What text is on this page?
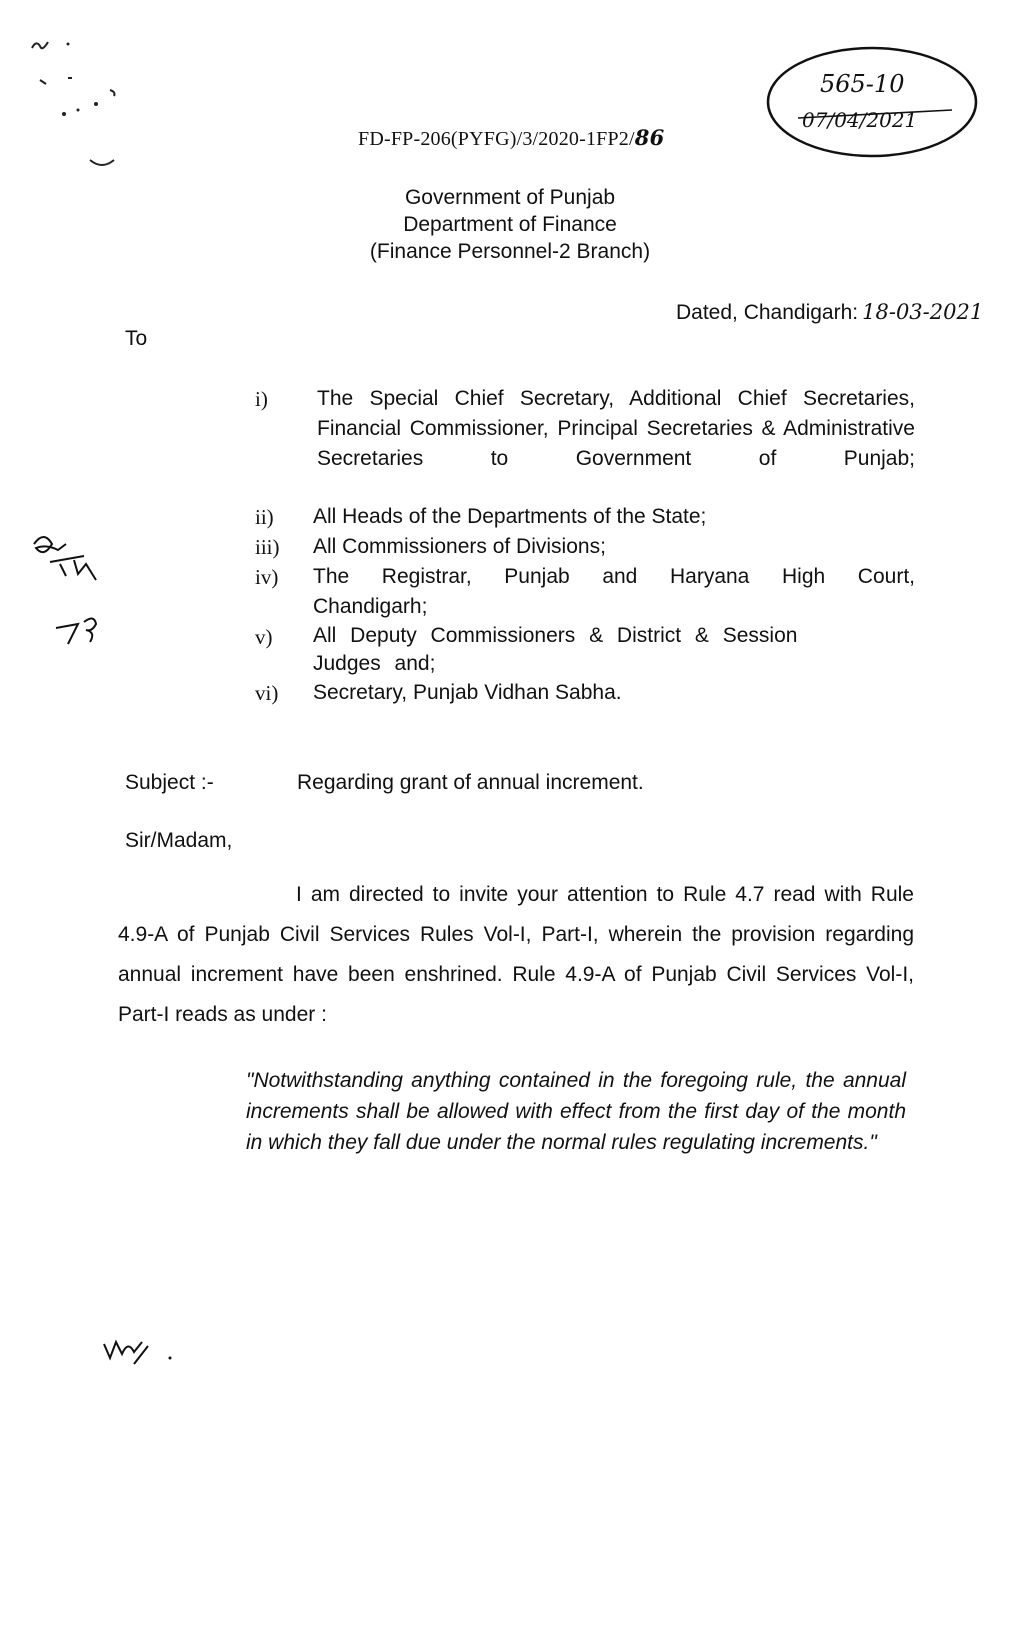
FD-FP-206(PYFG)/3/2020-1FP2/86
565-10
07/04/2021
Government of Punjab
Department of Finance
(Finance Personnel-2 Branch)
Dated, Chandigarh: 18-03-2021
To
i)	The Special Chief Secretary, Additional Chief Secretaries, Financial Commissioner, Principal Secretaries & Administrative Secretaries to Government of Punjab;
ii)	All Heads of the Departments of the State;
iii)	All Commissioners of Divisions;
iv)	The Registrar, Punjab and Haryana High Court, Chandigarh;
v)	All Deputy Commissioners & District & Session Judges and;
vi)	Secretary, Punjab Vidhan Sabha.
Subject :-	Regarding grant of annual increment.
Sir/Madam,
I am directed to invite your attention to Rule 4.7 read with Rule 4.9-A of Punjab Civil Services Rules Vol-I, Part-I, wherein the provision regarding annual increment have been enshrined. Rule 4.9-A of Punjab Civil Services Vol-I, Part-I reads as under :
"Notwithstanding anything contained in the foregoing rule, the annual increments shall be allowed with effect from the first day of the month in which they fall due under the normal rules regulating increments."
